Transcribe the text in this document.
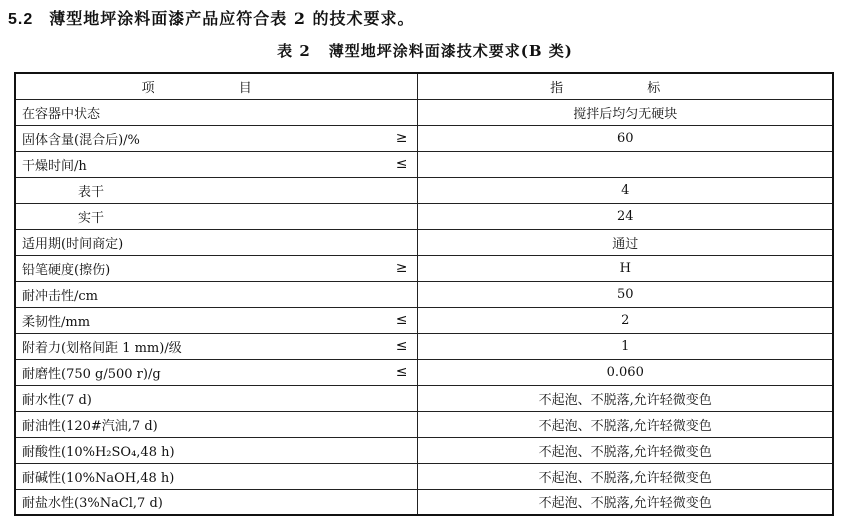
5.2 薄型地坪涂料面漆产品应符合表 2 的技术要求。
表 2 薄型地坪涂料面漆技术要求(B 类)
项 目	指 标
在容器中状态	搅拌后均匀无硬块
固体含量(混合后)/% ≥	60
干燥时间/h ≤	

表干	4
实干	24
适用期(时间商定)	通过
铅笔硬度(擦伤) ≥	H
耐冲击性/cm	50
柔韧性/mm ≤	2
附着力(划格间距 1 mm)/级 ≤	1
耐磨性(750 g/500 r)/g ≤	0.060
耐水性(7 d)	不起泡、不脱落,允许轻微变色
耐油性(120#汽油,7 d)	不起泡、不脱落,允许轻微变色
耐酸性(10%H₂SO₄,48 h)	不起泡、不脱落,允许轻微变色
耐碱性(10%NaOH,48 h)	不起泡、不脱落,允许轻微变色
耐盐水性(3%NaCl,7 d)	不起泡、不脱落,允许轻微变色
